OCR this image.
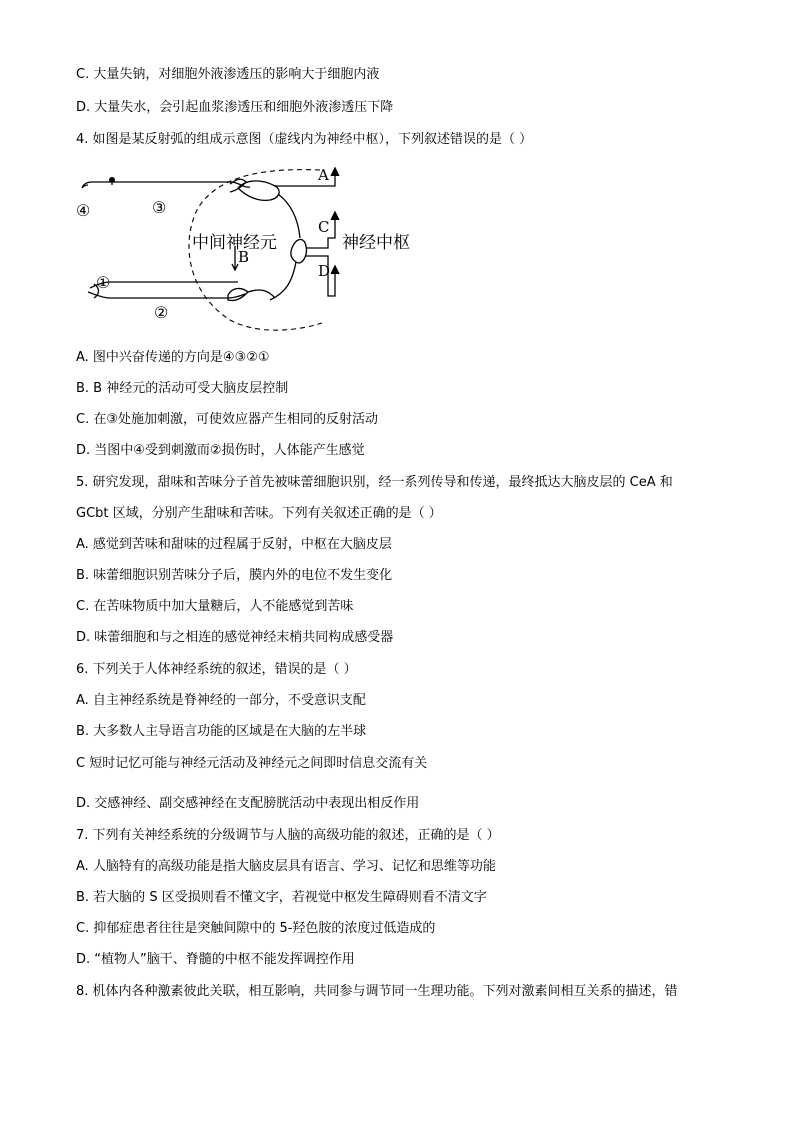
C. 大量失钠，对细胞外液渗透压的影响大于细胞内液
D. 大量失水，会引起血浆渗透压和细胞外液渗透压下降
4. 如图是某反射弧的组成示意图（虚线内为神经中枢），下列叙述错误的是（ ）
④	③
①
②
A
C
D
B
中间神经元	神经中枢
A. 图中兴奋传递的方向是④③②①
B. B 神经元的活动可受大脑皮层控制
C. 在③处施加刺激，可使效应器产生相同的反射活动
D. 当图中④受到刺激而②损伤时，人体能产生感觉
5. 研究发现，甜味和苦味分子首先被味蕾细胞识别，经一系列传导和传递，最终抵达大脑皮层的 CeA 和
GCbt 区域，分别产生甜味和苦味。下列有关叙述正确的是（ ）
A. 感觉到苦味和甜味的过程属于反射，中枢在大脑皮层
B. 味蕾细胞识别苦味分子后，膜内外的电位不发生变化
C. 在苦味物质中加大量糖后，人不能感觉到苦味
D. 味蕾细胞和与之相连的感觉神经末梢共同构成感受器
6. 下列关于人体神经系统的叙述，错误的是（ ）
A. 自主神经系统是脊神经的一部分，不受意识支配
B. 大多数人主导语言功能的区域是在大脑的左半球
C 短时记忆可能与神经元活动及神经元之间即时信息交流有关
D. 交感神经、副交感神经在支配膀胱活动中表现出相反作用
7. 下列有关神经系统的分级调节与人脑的高级功能的叙述，正确的是（ ）
A. 人脑特有的高级功能是指大脑皮层具有语言、学习、记忆和思维等功能
B. 若大脑的 S 区受损则看不懂文字，若视觉中枢发生障碍则看不清文字
C. 抑郁症患者往往是突触间隙中的 5-羟色胺的浓度过低造成的
D. “植物人”脑干、脊髓的中枢不能发挥调控作用
8. 机体内各种激素彼此关联，相互影响，共同参与调节同一生理功能。下列对激素间相互关系的描述，错
